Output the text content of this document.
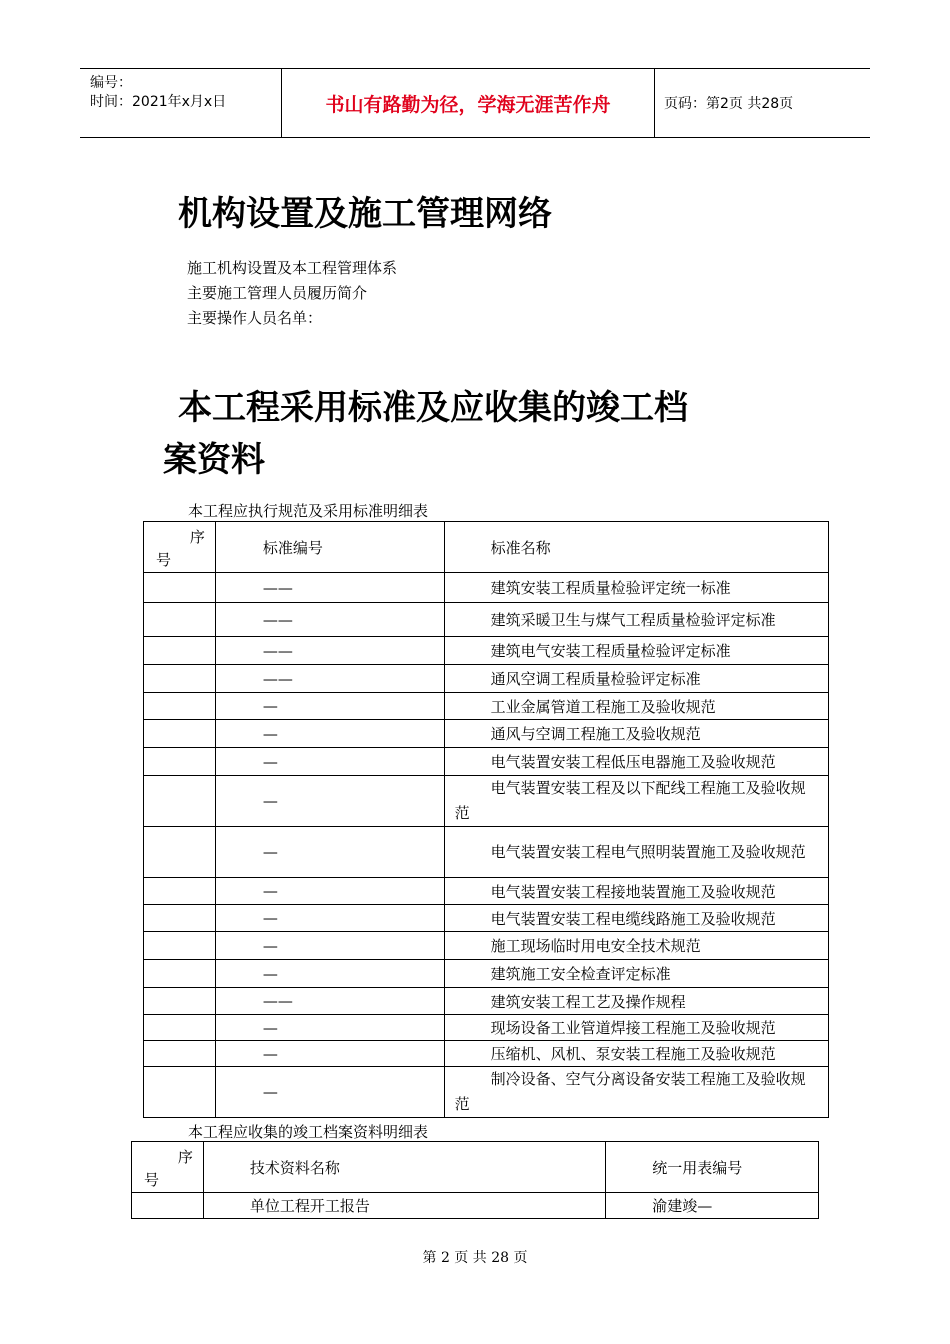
编号：
时间：2021年x月x日	书山有路勤为径，学海无涯苦作舟	页码：第2页 共28页
机构设置及施工管理网络
施工机构设置及本工程管理体系
主要施工管理人员履历简介
主要操作人员名单：
本工程采用标准及应收集的竣工档
案资料
本工程应执行规范及采用标准明细表
序
号	标准编号	标准名称
	——	建筑安装工程质量检验评定统一标准
	——	建筑采暖卫生与煤气工程质量检验评定标准
	——	建筑电气安装工程质量检验评定标准
	——	通风空调工程质量检验评定标准
	—	工业金属管道工程施工及验收规范
	—	通风与空调工程施工及验收规范
	—	电气装置安装工程低压电器施工及验收规范
	—	电气装置安装工程及以下配线工程施工及验收规范
	—	电气装置安装工程电气照明装置施工及验收规范
	—	电气装置安装工程接地装置施工及验收规范
	—	电气装置安装工程电缆线路施工及验收规范
	—	施工现场临时用电安全技术规范
	—	建筑施工安全检查评定标准
	——	建筑安装工程工艺及操作规程
	—	现场设备工业管道焊接工程施工及验收规范
	—	压缩机、风机、泵安装工程施工及验收规范
	—	制冷设备、空气分离设备安装工程施工及验收规范
本工程应收集的竣工档案资料明细表
序
号	技术资料名称	统一用表编号
	单位工程开工报告	渝建竣—
第 2 页 共 28 页
